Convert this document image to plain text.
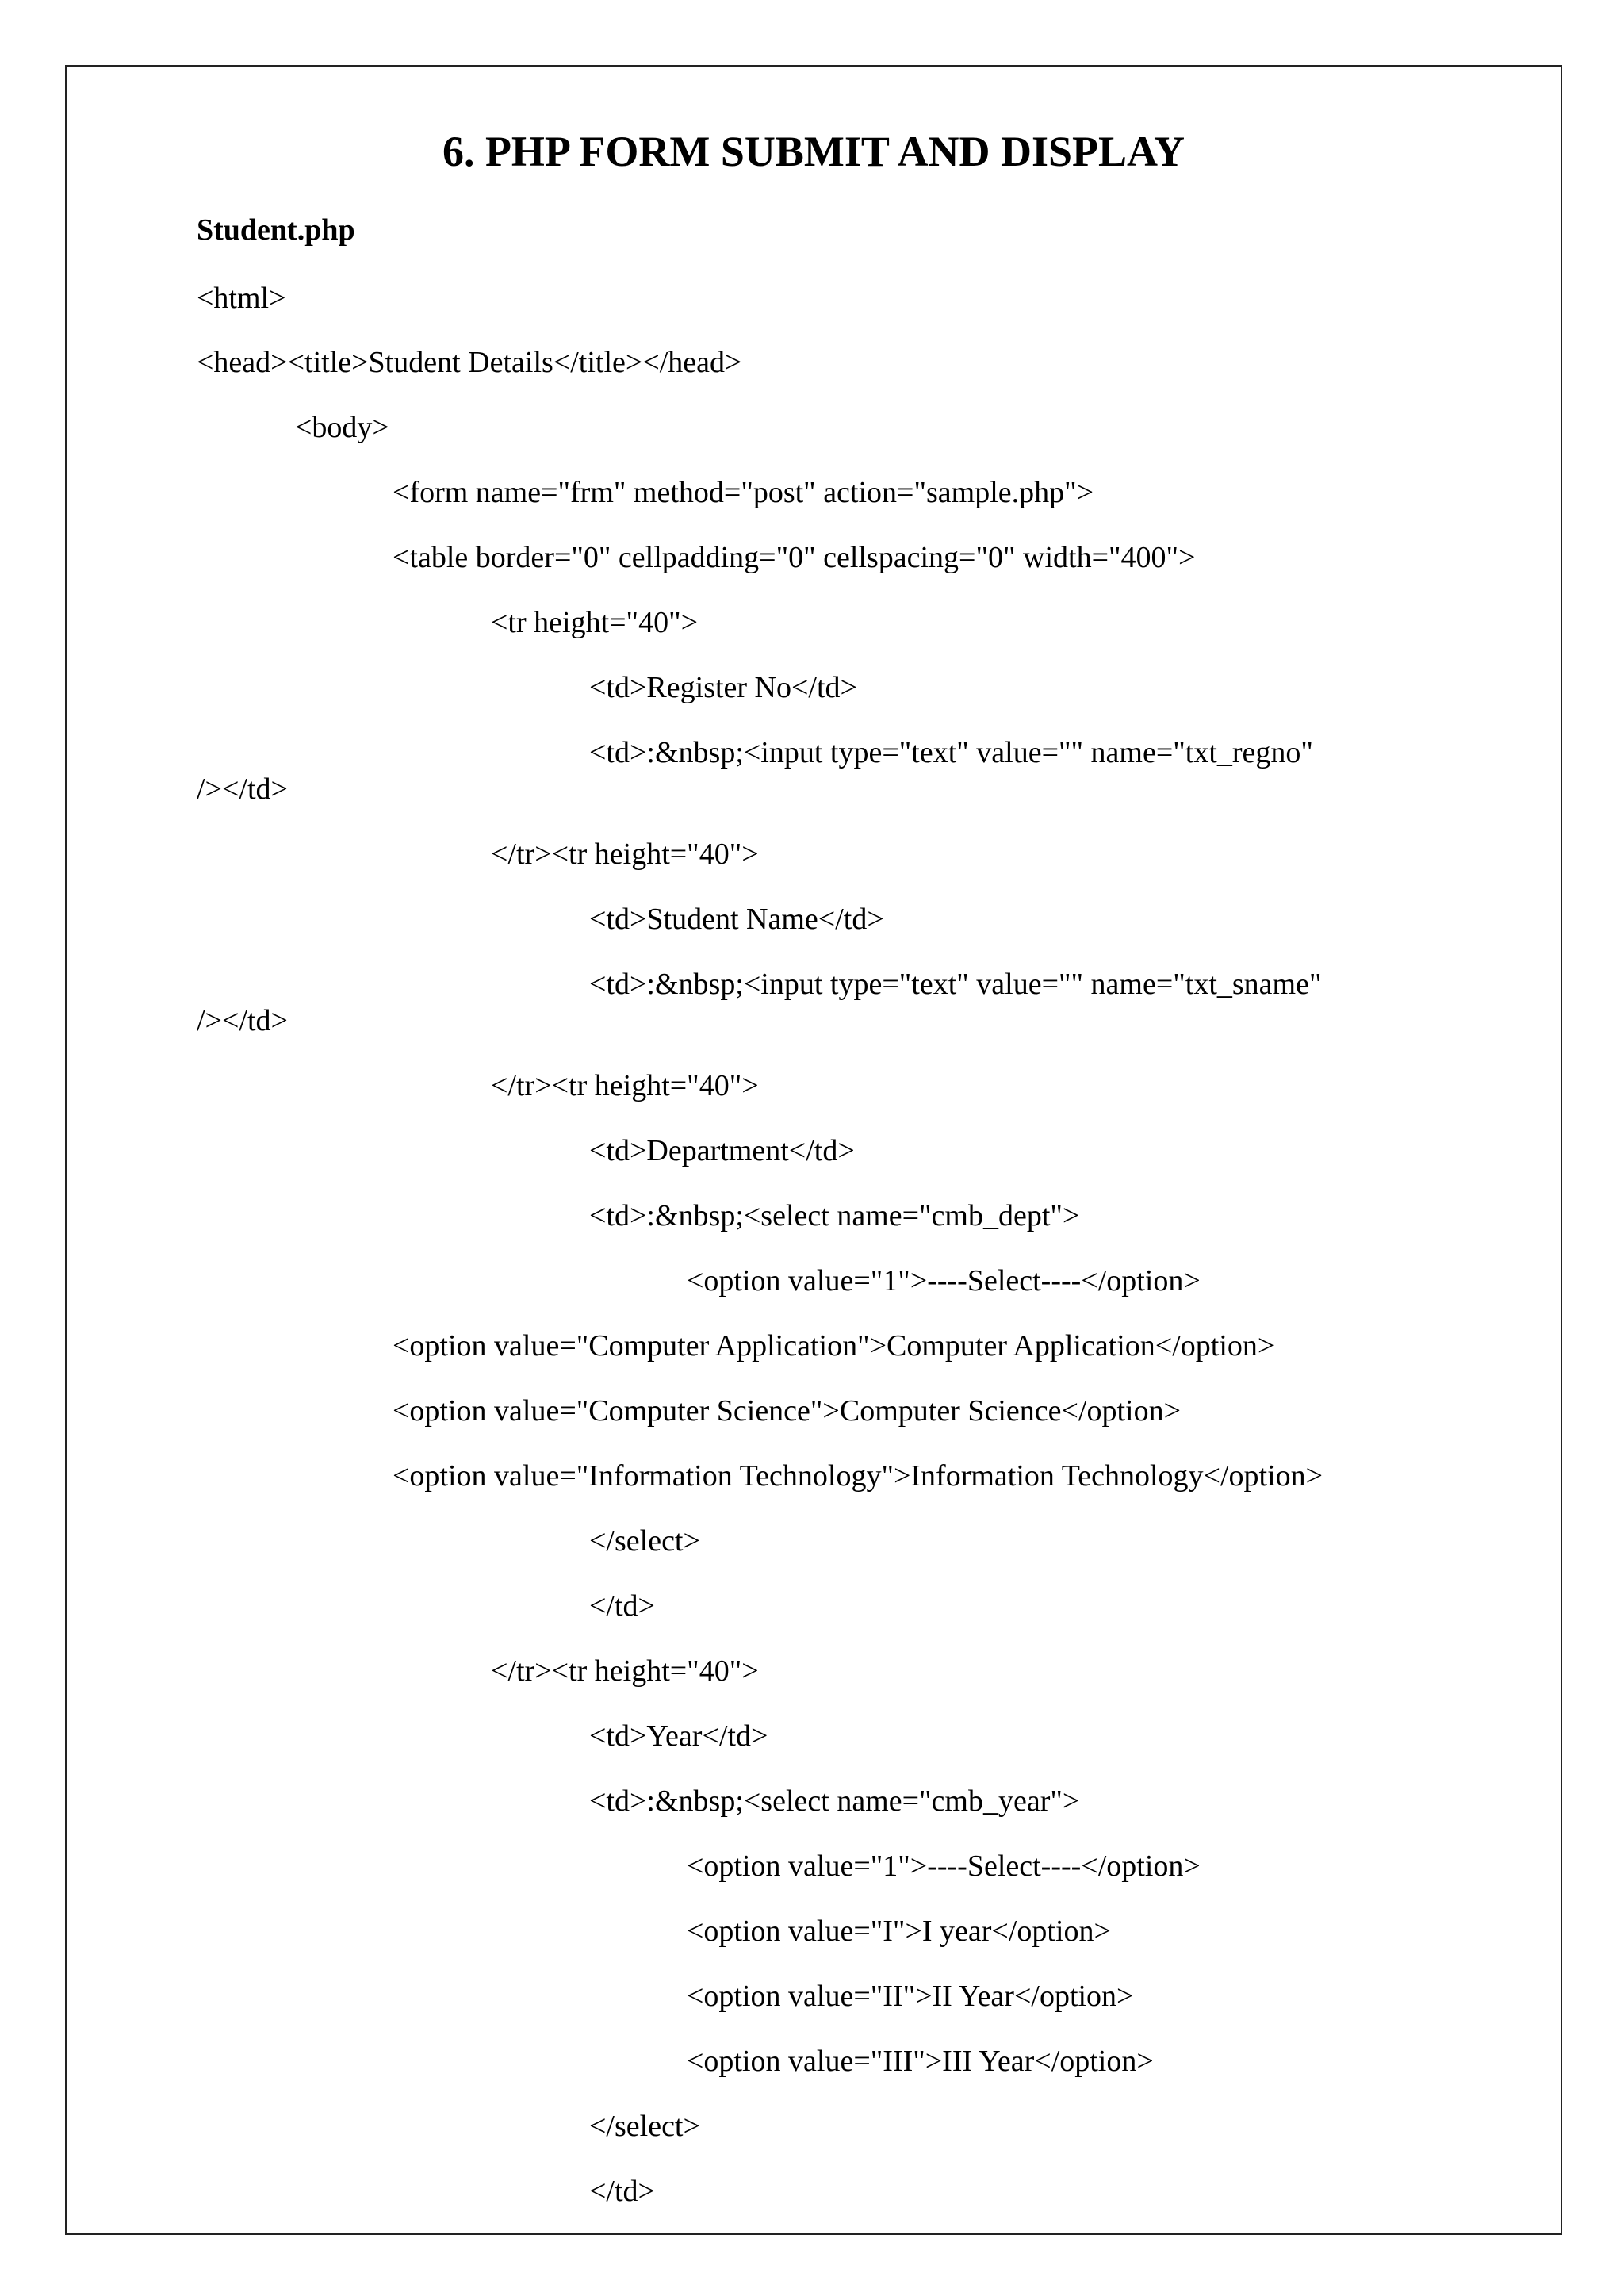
6. PHP FORM SUBMIT AND DISPLAY
Student.php
<html>
<head><title>Student Details</title></head>
<body>
<form name="frm" method="post" action="sample.php">
<table border="0" cellpadding="0" cellspacing="0" width="400">
<tr height="40">
<td>Register No</td>
<td>:&nbsp;<input type="text" value="" name="txt_regno"
/></td>
</tr><tr height="40">
<td>Student Name</td>
<td>:&nbsp;<input type="text" value="" name="txt_sname"
/></td>
</tr><tr height="40">
<td>Department</td>
<td>:&nbsp;<select name="cmb_dept">
<option value="1">----Select----</option>
<option value="Computer Application">Computer Application</option>
<option value="Computer Science">Computer Science</option>
<option value="Information Technology">Information Technology</option>
</select>
</td>
</tr><tr height="40">
<td>Year</td>
<td>:&nbsp;<select name="cmb_year">
<option value="1">----Select----</option>
<option value="I">I year</option>
<option value="II">II Year</option>
<option value="III">III Year</option>
</select>
</td>
